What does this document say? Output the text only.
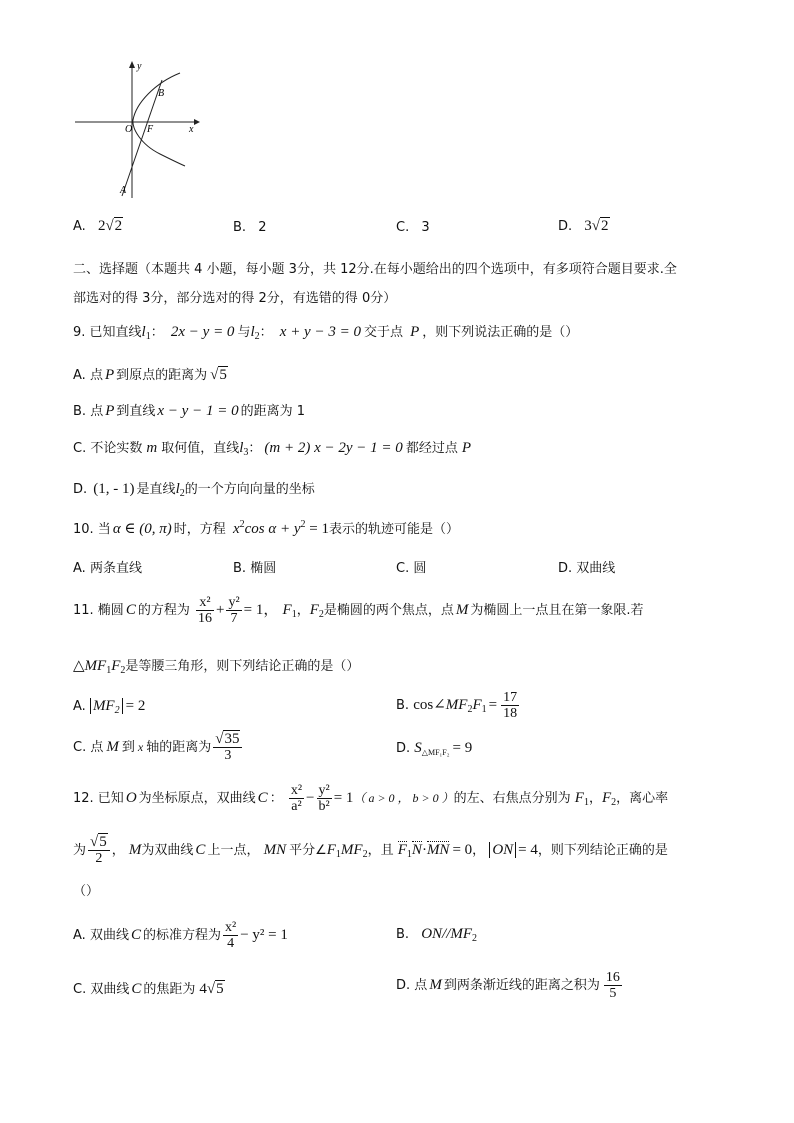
y
x
O F
B
A
A. 2√2	B. 2	C. 3	D. 3√2
二、选择题（本题共 4 小题，每小题 3分，共 12分.在每小题给出的四个选项中，有多项符合题目要求.全
部选对的得 3分，部分选对的得 2分，有选错的得 0分）
9. 已知直线$l_1$： 2x − y = 0 与$l_2$： x + y − 3 = 0 交于点 P ，则下列说法正确的是（）
A. 点 P 到原点的距离为 √5
B. 点 P 到直线 x − y − 1 = 0 的距离为 1
C. 不论实数 m 取何值，直线$l_3$： (m + 2) x − 2y − 1 = 0 都经过点 P
D. (1, - 1) 是直线$l_2$的一个方向向量的坐标
10. 当 α ∈ (0, π) 时，方程 $x^2\cos$ $\alpha + y^2 = 1$表示的轨迹可能是（）
A. 两条直线	B. 椭圆	C. 圆	D. 双曲线
11. 椭圆 C 的方程为 $\frac{\text{x²}}{16} + \frac{\text{y²}}{7} = 1$， $F_1$，$F_2$是椭圆的两个焦点，点 M 为椭圆上一点且在第一象限.若
$\triangle MF_1F_2$是等腰三角形，则下列结论正确的是（）
A. $MF_2 = 2$	B. $\cos\angle MF_2F_1 = \frac{17}{18}$
C. 点 M 到 x 轴的距离为 $\frac{√35}{3}$	D. $S_{\triangle MF_1F_2} = 9$
12. 已知 O 为坐标原点，双曲线 C ： $\frac{\text{x²}}{\text{a²}} - \frac{\text{y²}}{\text{b²}} = 1$（ a > 0 ， b > 0 ）的左、右焦点分别为 $F_1$，$F_2$，离心率
为 $\frac{√5}{2}$ ， M为双曲线 C 上一点， MN 平分$\angle F_1MF_2$，且 $F_1N\cdot MN = 0$， ON = 4，则下列结论正确的是
（）
A. 双曲线 C 的标准方程为 $\frac{\text{x²}}{4} - y^2 = 1$	B. $ON//MF_2$
C. 双曲线 C 的焦距为 4√5	D. 点 M 到两条渐近线的距离之积为 $\frac{16}{5}$
